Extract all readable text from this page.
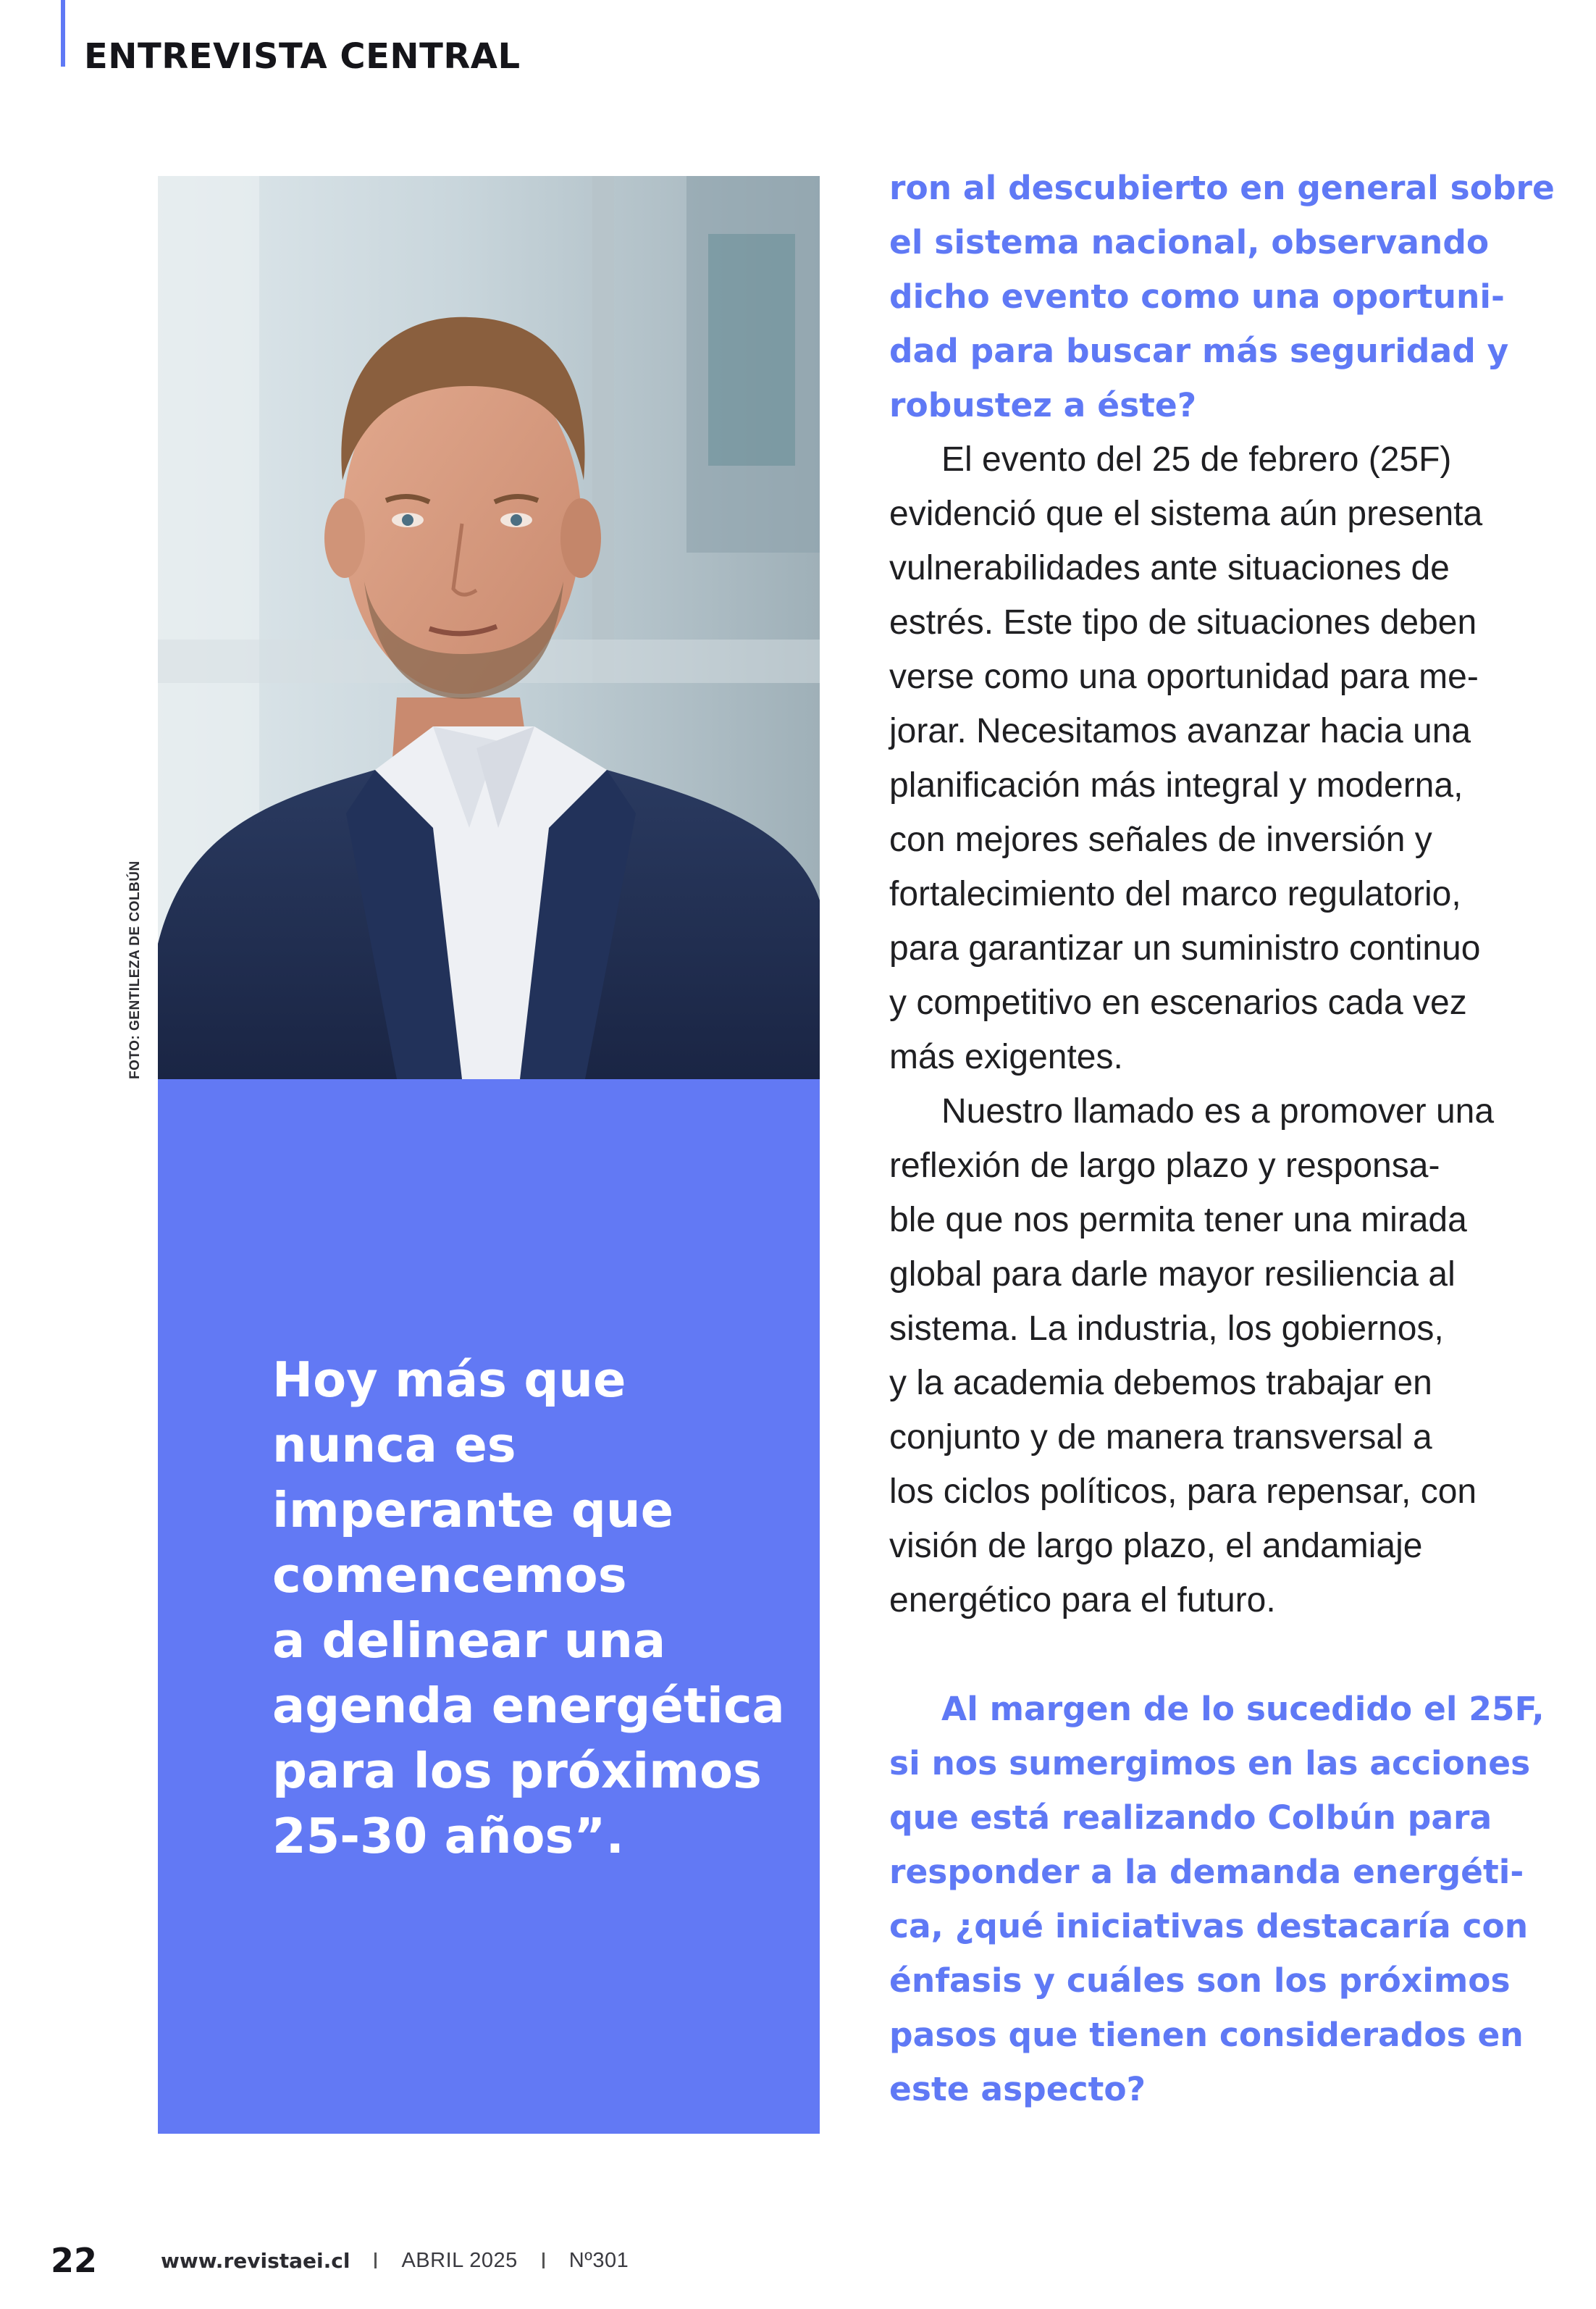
ENTREVISTA CENTRAL
FOTO: GENTILEZA DE COLBÚN
Hoy más que
nunca es
imperante que
comencemos
a delinear una
agenda energética
para los próximos
25-30 años”.
ron al descubierto en general sobre
el sistema nacional, observando
dicho evento como una oportuni-
dad para buscar más seguridad y
robustez a éste?
El evento del 25 de febrero (25F)
evidenció que el sistema aún presenta
vulnerabilidades ante situaciones de
estrés. Este tipo de situaciones deben
verse como una oportunidad para me-
jorar. Necesitamos avanzar hacia una
planificación más integral y moderna,
con mejores señales de inversión y
fortalecimiento del marco regulatorio,
para garantizar un suministro continuo
y competitivo en escenarios cada vez
más exigentes.
Nuestro llamado es a promover una
reflexión de largo plazo y responsa-
ble que nos permita tener una mirada
global para darle mayor resiliencia al
sistema. La industria, los gobiernos,
y la academia debemos trabajar en
conjunto y de manera transversal a
los ciclos políticos, para repensar, con
visión de largo plazo, el andamiaje
energético para el futuro.
Al margen de lo sucedido el 25F,
si nos sumergimos en las acciones
que está realizando Colbún para
responder a la demanda energéti-
ca, ¿qué iniciativas destacaría con
énfasis y cuáles son los próximos
pasos que tienen considerados en
este aspecto?
22	www.revistaei.cl ABRIL 2025 Nº301
